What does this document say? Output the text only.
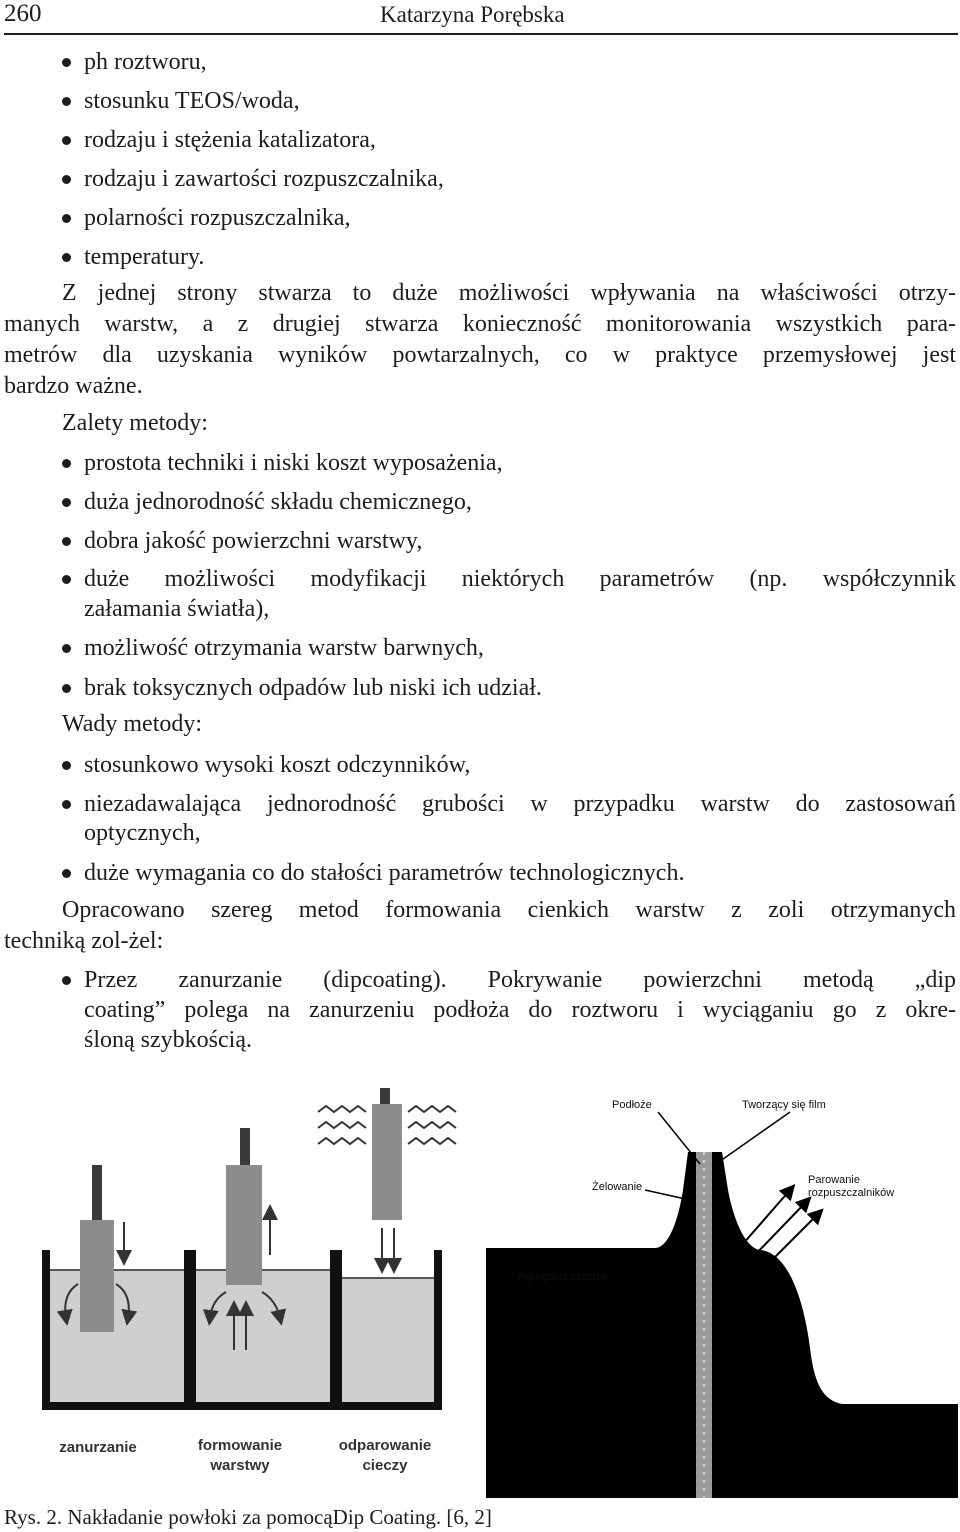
260	Katarzyna Porębska
ph roztworu,
stosunku TEOS/woda,
rodzaju i stężenia katalizatora,
rodzaju i zawartości rozpuszczalnika,
polarności rozpuszczalnika,
temperatury.
Z jednej strony stwarza to duże możliwości wpływania na właściwości otrzy-
manych warstw, a z drugiej stwarza konieczność monitorowania wszystkich para-
metrów dla uzyskania wyników powtarzalnych, co w praktyce przemysłowej jest
bardzo ważne.
Zalety metody:
prostota techniki i niski koszt wyposażenia,
duża jednorodność składu chemicznego,
dobra jakość powierzchni warstwy,
duże możliwości modyfikacji niektórych parametrów (np. współczynnik
załamania światła),
możliwość otrzymania warstw barwnych,
brak toksycznych odpadów lub niski ich udział.
Wady metody:
stosunkowo wysoki koszt odczynników,
niezadawalająca jednorodność grubości w przypadku warstw do zastosowań
optycznych,
duże wymagania co do stałości parametrów technologicznych.
Opracowano szereg metod formowania cienkich warstw z zoli otrzymanych
techniką zol-żel:
Przez zanurzanie (dipcoating). Pokrywanie powierzchni metodą „dip
coating” polega na zanurzeniu podłoża do roztworu i wyciąganiu go z okre-
śloną szybkością.
zanurzanie	formowanie
warstwy
odparowanie
cieczy
Podłoże	Tworzący się film
Żelowanie
Parowanie
rozpuszczalników
Agregacja cząstek
Rys. 2. Nakładanie powłoki za pomocąDip Coating. [6, 2]
